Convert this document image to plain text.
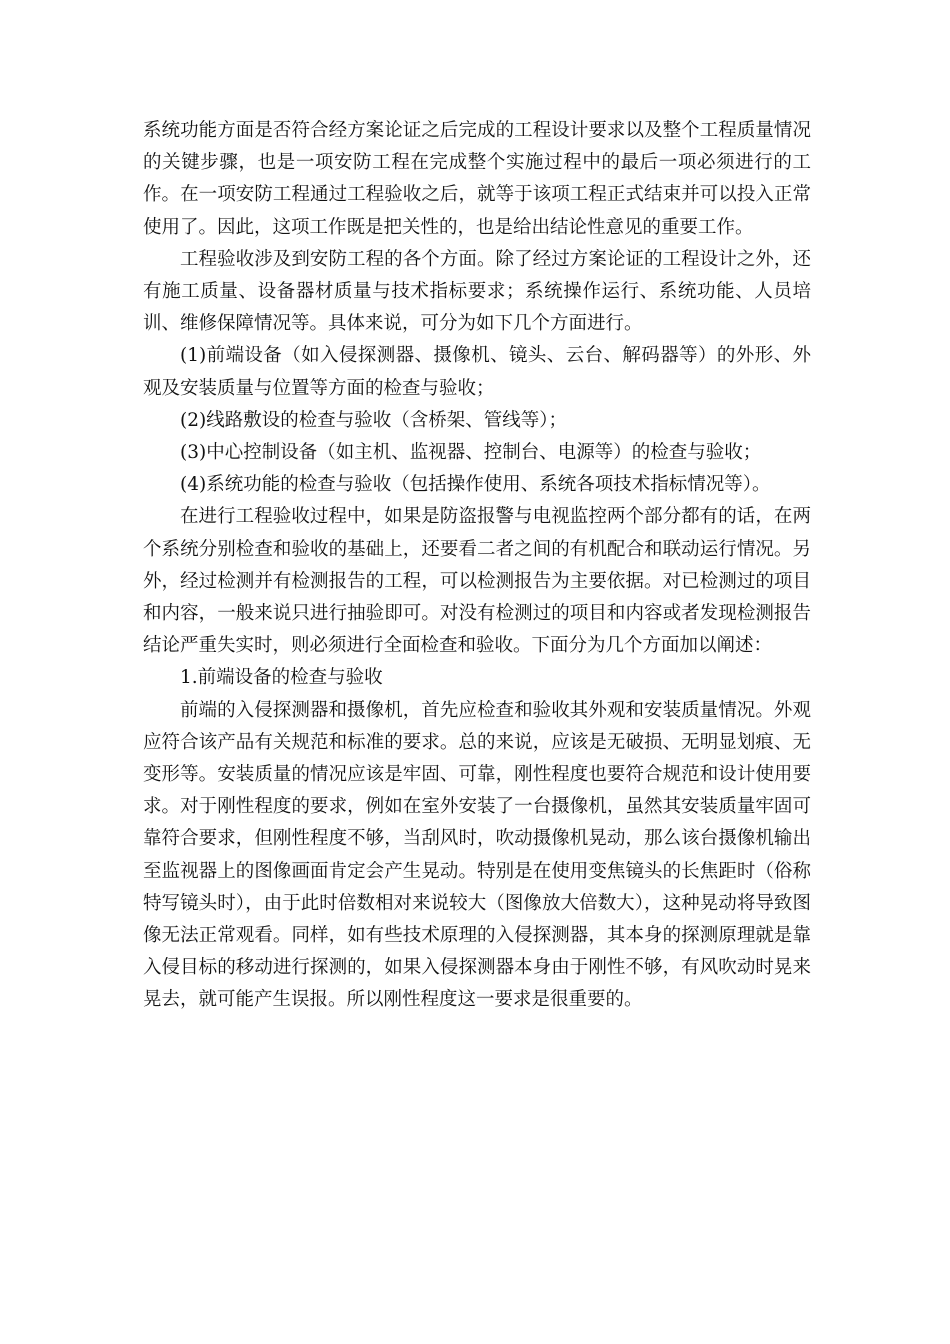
系统功能方面是否符合经方案论证之后完成的工程设计要求以及整个工程质量情况的关键步骤，也是一项安防工程在完成整个实施过程中的最后一项必须进行的工作。在一项安防工程通过工程验收之后，就等于该项工程正式结束并可以投入正常使用了。因此，这项工作既是把关性的，也是给出结论性意见的重要工作。

工程验收涉及到安防工程的各个方面。除了经过方案论证的工程设计之外，还有施工质量、设备器材质量与技术指标要求；系统操作运行、系统功能、人员培训、维修保障情况等。具体来说，可分为如下几个方面进行。

(1)前端设备（如入侵探测器、摄像机、镜头、云台、解码器等）的外形、外观及安装质量与位置等方面的检查与验收；

(2)线路敷设的检查与验收（含桥架、管线等）；

(3)中心控制设备（如主机、监视器、控制台、电源等）的检查与验收；

(4)系统功能的检查与验收（包括操作使用、系统各项技术指标情况等）。

在进行工程验收过程中，如果是防盗报警与电视监控两个部分都有的话，在两个系统分别检查和验收的基础上，还要看二者之间的有机配合和联动运行情况。另外，经过检测并有检测报告的工程，可以检测报告为主要依据。对已检测过的项目和内容，一般来说只进行抽验即可。对没有检测过的项目和内容或者发现检测报告结论严重失实时，则必须进行全面检查和验收。下面分为几个方面加以阐述：

1.前端设备的检查与验收

前端的入侵探测器和摄像机，首先应检查和验收其外观和安装质量情况。外观应符合该产品有关规范和标准的要求。总的来说，应该是无破损、无明显划痕、无变形等。安装质量的情况应该是牢固、可靠，刚性程度也要符合规范和设计使用要求。对于刚性程度的要求，例如在室外安装了一台摄像机，虽然其安装质量牢固可靠符合要求，但刚性程度不够，当刮风时，吹动摄像机晃动，那么该台摄像机输出至监视器上的图像画面肯定会产生晃动。特别是在使用变焦镜头的长焦距时（俗称特写镜头时），由于此时倍数相对来说较大（图像放大倍数大），这种晃动将导致图像无法正常观看。同样，如有些技术原理的入侵探测器，其本身的探测原理就是靠入侵目标的移动进行探测的，如果入侵探测器本身由于刚性不够，有风吹动时晃来晃去，就可能产生误报。所以刚性程度这一要求是很重要的。
